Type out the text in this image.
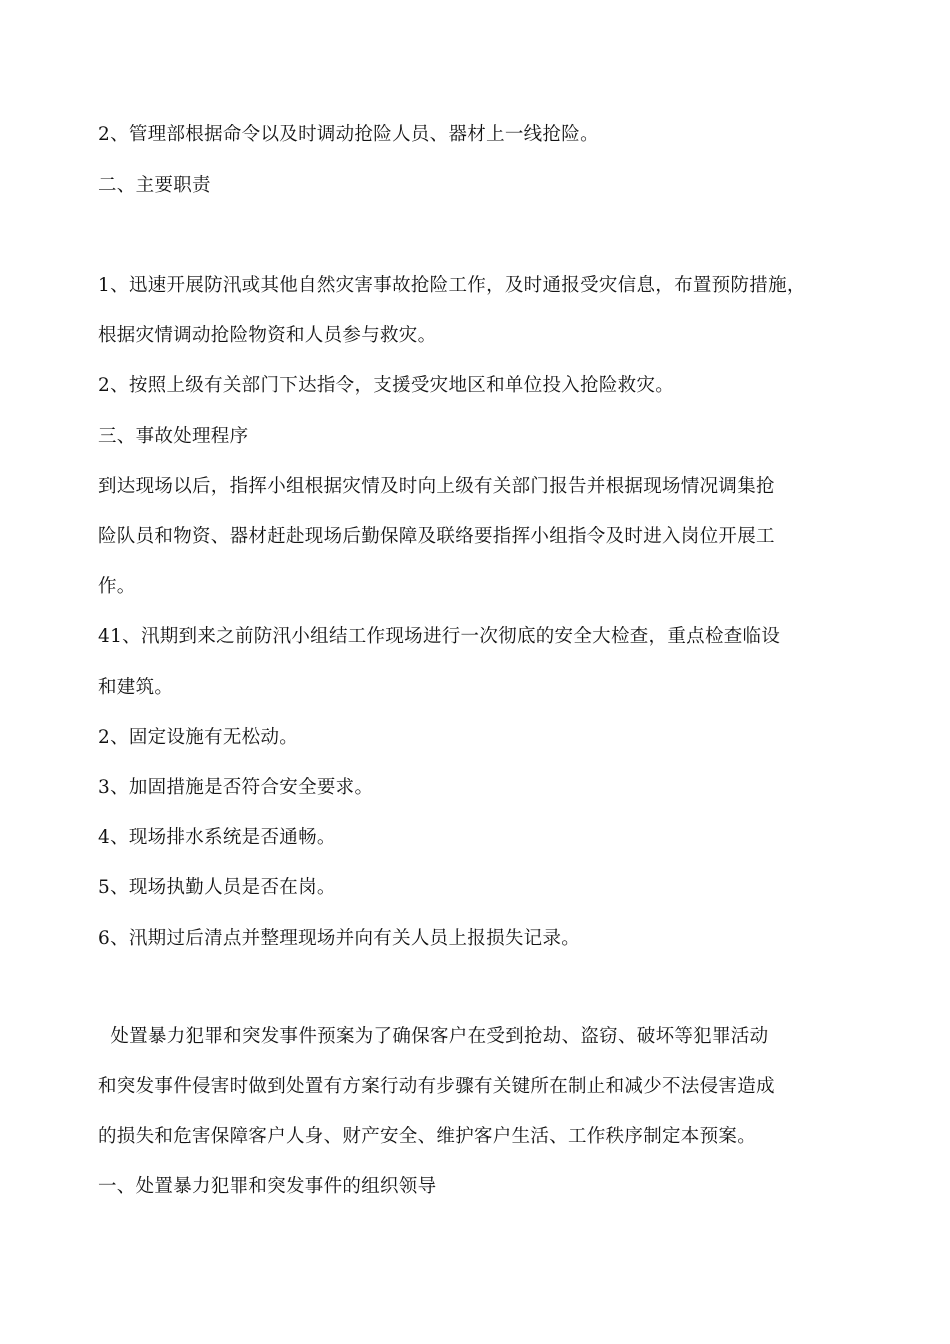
2、管理部根据命令以及时调动抢险人员、器材上一线抢险。
二、主要职责
1、迅速开展防汛或其他自然灾害事故抢险工作，及时通报受灾信息，布置预防措施，
根据灾情调动抢险物资和人员参与救灾。
2、按照上级有关部门下达指令，支援受灾地区和单位投入抢险救灾。
三、事故处理程序
到达现场以后，指挥小组根据灾情及时向上级有关部门报告并根据现场情况调集抢
险队员和物资、器材赶赴现场后勤保障及联络要指挥小组指令及时进入岗位开展工
作。
41、汛期到来之前防汛小组结工作现场进行一次彻底的安全大检查，重点检查临设
和建筑。
2、固定设施有无松动。
3、加固措施是否符合安全要求。
4、现场排水系统是否通畅。
5、现场执勤人员是否在岗。
6、汛期过后清点并整理现场并向有关人员上报损失记录。
处置暴力犯罪和突发事件预案为了确保客户在受到抢劫、盗窃、破坏等犯罪活动
和突发事件侵害时做到处置有方案行动有步骤有关键所在制止和减少不法侵害造成
的损失和危害保障客户人身、财产安全、维护客户生活、工作秩序制定本预案。
一、处置暴力犯罪和突发事件的组织领导
